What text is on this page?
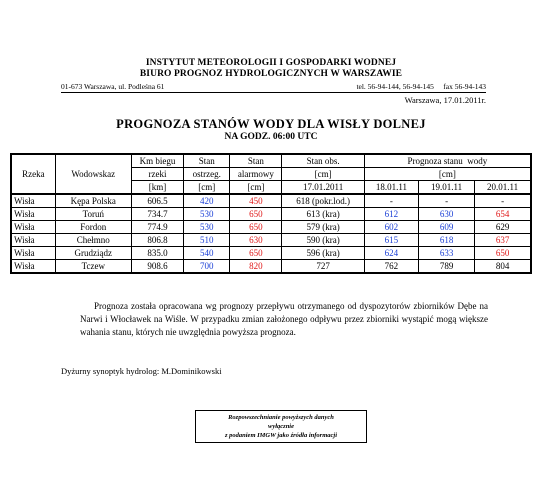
INSTYTUT METEOROLOGII I GOSPODARKI WODNEJ
BIURO PROGNOZ HYDROLOGICZNYCH W WARSZAWIE
01-673 Warszawa, ul. Podleśna 61	tel. 56-94-144, 56-94-145     fax 56-94-143
Warszawa, 17.01.2011r.
PROGNOZA STANÓW WODY DLA WISŁY DOLNEJ
NA GODZ. 06:00 UTC
Rzeka	Wodowskaz	Km biegu	Stan	Stan	Stan obs.	Prognoza stanu  wody		
		rzeki	ostrzeg.	alarmowy	[cm]	[cm]		
		[km]	[cm]	[cm]	17.01.2011	18.01.11	19.01.11	20.01.11
Wisła	Kępa Polska	606.5	420	450	618 (pokr.lod.)	-	-	-
Wisła	Toruń	734.7	530	650	613 (kra)	612	630	654
Wisła	Fordon	774.9	530	650	579 (kra)	602	609	629
Wisła	Chełmno	806.8	510	630	590 (kra)	615	618	637
Wisła	Grudziądz	835.0	540	650	596 (kra)	624	633	650
Wisła	Tczew	908.6	700	820	727	762	789	804
Prognoza została opracowana wg prognozy przepływu otrzymanego od dyspozytorów zbiorników Dębe na Narwi i Włocławek na Wiśle. W przypadku zmian założonego odpływu przez zbiorniki wystąpić mogą większe wahania stanu, których nie uwzględnia powyższa prognoza.
Dyżurny synoptyk hydrolog: M.Dominikowski
Rozpowszechnianie powyższych danych
wyłącznie
z podaniem IMGW jako źródła informacji
